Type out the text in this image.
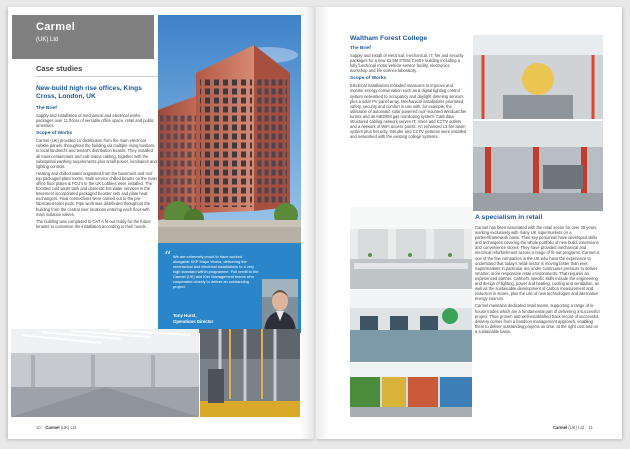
Carmel
(UK) Ltd
Case studies
New-build high rise offices, Kings Cross, London, UK
The Brief

Supply and installation of mechanical and electrical works packages over 11 floors of versatile office space, retail and public amenities.

Scope of Works

Carmel (UK) provided LV distribution from the main electrical cubicle panels, throughout the building via multiple rising busbars, to local landlord's and tenant's distribution boards. They installed all main containment and sub-mains cabling, together with the substantial earthing requirements plus small power, luminaires and lighting controls.

Heating and chilled water originated from the basement and roof top packaged plant rooms. Multi service chilled beams on the main office floor plates & FCU's in the UK Lobbies were installed. The boosted cold water tank and domestic hot water services in the basement incorporated packaged booster sets and plate heat exchangers. Final connections were carried out to the pre-fabricated toilet pods. Pipe work was distributed throughout the building from the central riser locations entering each floor with main isolation valves.

The building was completed to CAT A fit-out ready for the future tenants to customise the installation according to their needs.

“ We are extremely proud to have worked alongside KKP Major Works, delivering the mechanical and electrical installations to a very high standard within programme. Full credit to the Carmel (UK) and Kier Management teams who cooperated closely to deliver an outstanding project.
Tony Hurst,
Operations Director
10 Carmel (UK) Ltd
Waltham Forest College
The Brief

Supply and install of electrical, mechanical, IT, fire and security packages for a new £2.5M STEM Centre building including a fully functional motor vehicle service facility, electronics workshop and life science laboratory.

Scope of Works

Electrical installations included measures to improve and monitor energy conservation such as a digital lighting control system networked to occupancy and daylight dimming sensors plus a solar PV panel array. Mechanical installations prioritised safety, security and comfort in use with, for example, the utilisation of automatic solar powered roof mounted Windcatcher turrets and an MEDEM gas monitoring system. Cat6 data structured cabling network serves IT, Voice and CCTV outlets and a network of WiFi access points. An enhanced L3 fire alarm system plus Security, Intruder and CCTV systems were installed and networked with the existing college systems.

A specialism in retail

Carmel has been associated with the retail sector for over 30 years, working exclusively with many UK supermarkets on a partner/framework basis. Their key personnel have developed skills and techniques covering the whole portfolio of new build, extensions and convenience stores. They have provided mechanical and electrical refurbishment across a range of fit-out programs. Carmel is one of the few companies in the UK who have the experience to understand that today's retail sector is moving faster than ever. Supermarkets in particular are under continuous pressure to deliver smarter, more responsive retail environments. That requires an experienced partner. Carmel's specific skills include the engineering and design of lighting, power and heating, cooling and ventilation, as well as the sustainable development of carbon measurement and reduction in stores, plus the use of new technologies and alternative energy sources.

Carmel maintains dedicated retail teams, supporting a range of in-house trades which are a fundamental part of delivering a successful project. Their proven and well-established track record of successful delivery comes from a handson management approach, enabling them to deliver outstanding projects on time, at the right cost and on a sustainable basis.

Carmel (UK) Ltd 11
